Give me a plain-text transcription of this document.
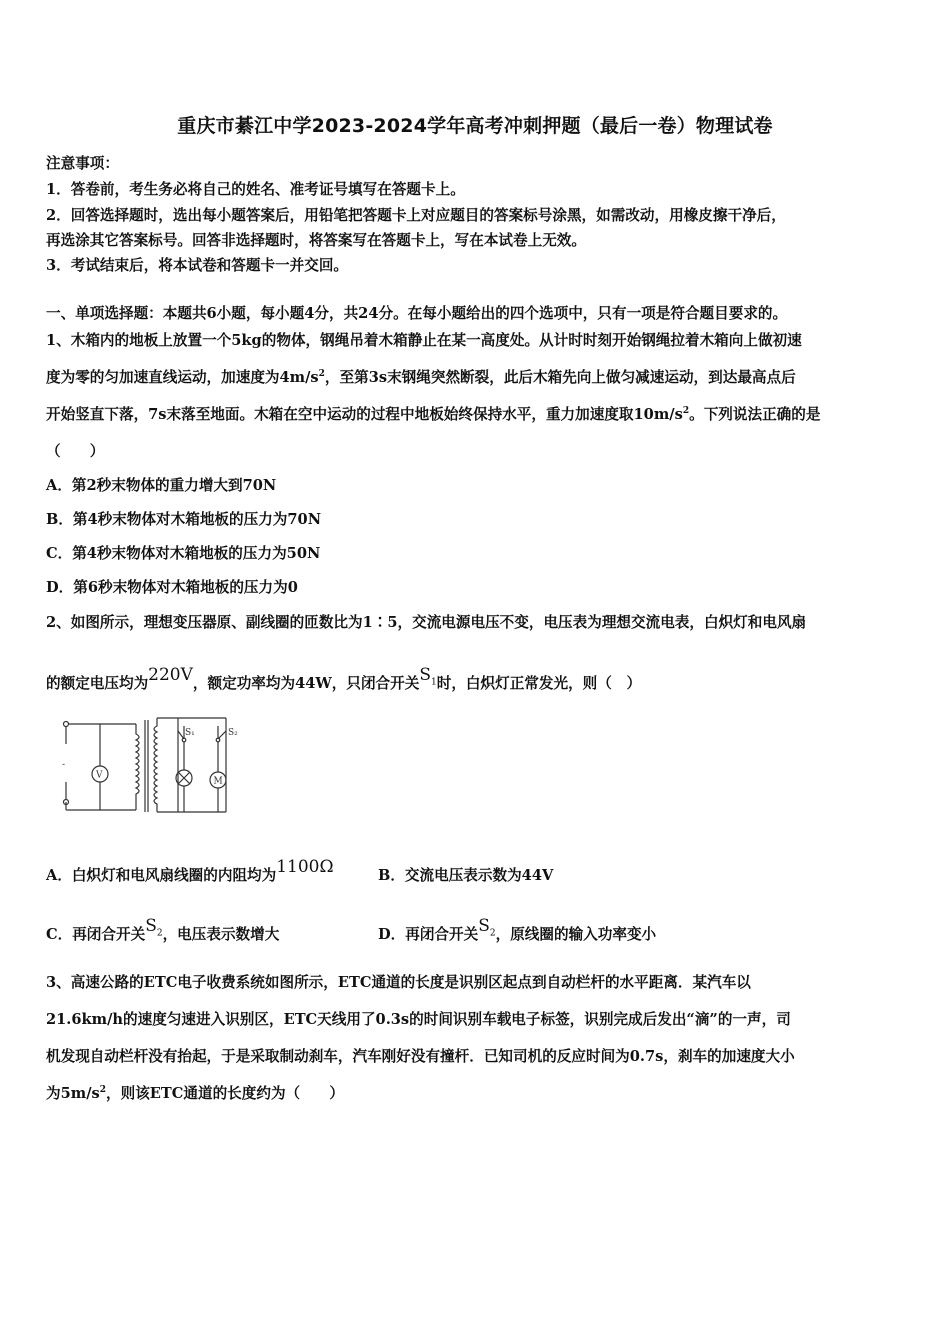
重庆市綦江中学2023-2024学年高考冲刺押题（最后一卷）物理试卷
注意事项：
1．答卷前，考生务必将自己的姓名、准考证号填写在答题卡上。
2．回答选择题时，选出每小题答案后，用铅笔把答题卡上对应题目的答案标号涂黑，如需改动，用橡皮擦干净后，
再选涂其它答案标号。回答非选择题时，将答案写在答题卡上，写在本试卷上无效。
3．考试结束后，将本试卷和答题卡一并交回。
一、单项选择题：本题共6小题，每小题4分，共24分。在每小题给出的四个选项中，只有一项是符合题目要求的。
1、木箱内的地板上放置一个5kg的物体，钢绳吊着木箱静止在某一高度处。从计时时刻开始钢绳拉着木箱向上做初速
度为零的匀加速直线运动，加速度为$4m/s^2$，至第3s末钢绳突然断裂，此后木箱先向上做匀减速运动，到达最高点后
开始竖直下落，7s末落至地面。木箱在空中运动的过程中地板始终保持水平，重力加速度取$10m/s^2$。下列说法正确的是
（　　）
A．第2秒末物体的重力增大到70N
B．第4秒末物体对木箱地板的压力为70N
C．第4秒末物体对木箱地板的压力为50N
D．第6秒末物体对木箱地板的压力为0
2、如图所示，理想变压器原、副线圈的匝数比为1∶5，交流电源电压不变，电压表为理想交流电表，白炽灯和电风扇
的额定电压均为220V，额定功率均为44W，只闭合开关$S_1$时，白炽灯正常发光，则（　）
V
M
S₁	S₂
-
A．白炽灯和电风扇线圈的内阻均为1100Ω	B．交流电压表示数为44V
C．再闭合开关$S_2$，电压表示数增大	D．再闭合开关$S_2$，原线圈的输入功率变小
3、高速公路的ETC电子收费系统如图所示，ETC通道的长度是识别区起点到自动栏杆的水平距离．某汽车以
21.6km/h的速度匀速进入识别区，ETC天线用了0.3s的时间识别车载电子标签，识别完成后发出“滴”的一声，司
机发现自动栏杆没有抬起，于是采取制动刹车，汽车刚好没有撞杆．已知司机的反应时间为0.7s，刹车的加速度大小
为$5m/s^2$，则该ETC通道的长度约为（　　）
